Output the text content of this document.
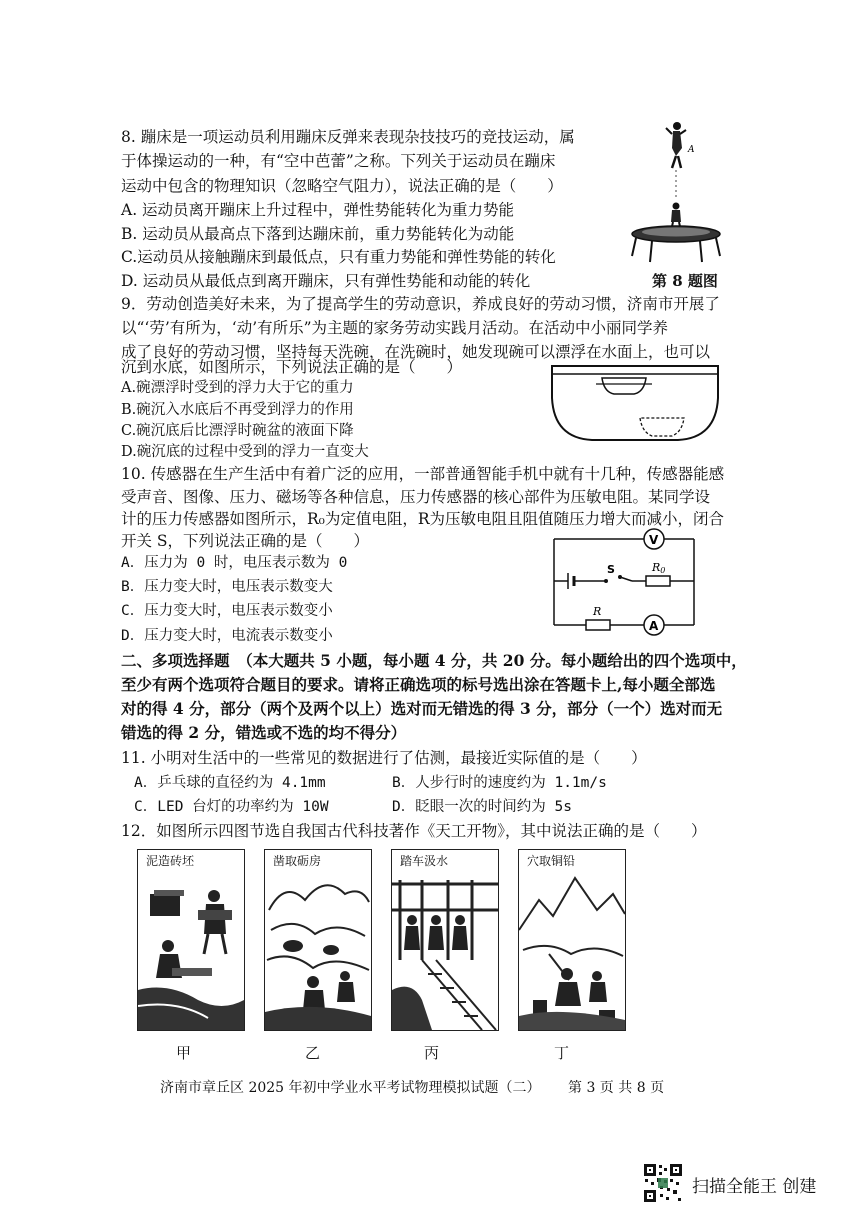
8. 蹦床是一项运动员利用蹦床反弹来表现杂技技巧的竞技运动，属
于体操运动的一种，有“空中芭蕾”之称。下列关于运动员在蹦床
运动中包含的物理知识（忽略空气阻力），说法正确的是（　　）
A. 运动员离开蹦床上升过程中，弹性势能转化为重力势能
B. 运动员从最高点下落到达蹦床前，重力势能转化为动能
C.运动员从接触蹦床到最低点，只有重力势能和弹性势能的转化
D. 运动员从最低点到离开蹦床，只有弹性势能和动能的转化	第 8 题图
A
9．劳动创造美好未来，为了提高学生的劳动意识，养成良好的劳动习惯，济南市开展了
以“‘劳’有所为，‘动’有所乐”为主题的家务劳动实践月活动。在活动中小丽同学养
成了良好的劳动习惯，坚持每天洗碗，在洗碗时，她发现碗可以漂浮在水面上，也可以
沉到水底，如图所示，下列说法正确的是（　　）
A.碗漂浮时受到的浮力大于它的重力
B.碗沉入水底后不再受到浮力的作用
C.碗沉底后比漂浮时碗盆的液面下降
D.碗沉底的过程中受到的浮力一直变大
10. 传感器在生产生活中有着广泛的应用，一部普通智能手机中就有十几种，传感器能感
受声音、图像、压力、磁场等各种信息，压力传感器的核心部件为压敏电阻。某同学设
计的压力传感器如图所示，R₀为定值电阻，R为压敏电阻且阻值随压力增大而减小，闭合
开关 S，下列说法正确的是（　　）
A．压力为 0 时，电压表示数为 0
B．压力变大时，电压表示数变大
C．压力变大时，电压表示数变小
D．压力变大时，电流表示数变小
V
S	R0
R
A
二、多项选择题　（本大题共 5 小题，每小题 4 分，共 20 分。每小题给出的四个选项中，
至少有两个选项符合题目的要求。请将正确选项的标号选出涂在答题卡上,每小题全部选
对的得 4 分，部分（两个及两个以上）选对而无错选的得 3 分，部分（一个）选对而无
错选的得 2 分，错选或不选的均不得分）
11. 小明对生活中的一些常见的数据进行了估测，最接近实际值的是（　　）
A．乒乓球的直径约为 4.1mm	B．人步行时的速度约为 1.1m/s
C．LED 台灯的功率约为 10W	D．眨眼一次的时间约为 5s
12．如图所示四图节选自我国古代科技著作《天工开物》，其中说法正确的是（　　）
泥造砖坯
甲
凿取砺房
乙
踏车汲水
丙
穴取铜铅
丁
济南市章丘区 2025 年初中学业水平考试物理模拟试题（二） 第 3 页 共 8 页
扫描全能王 创建
